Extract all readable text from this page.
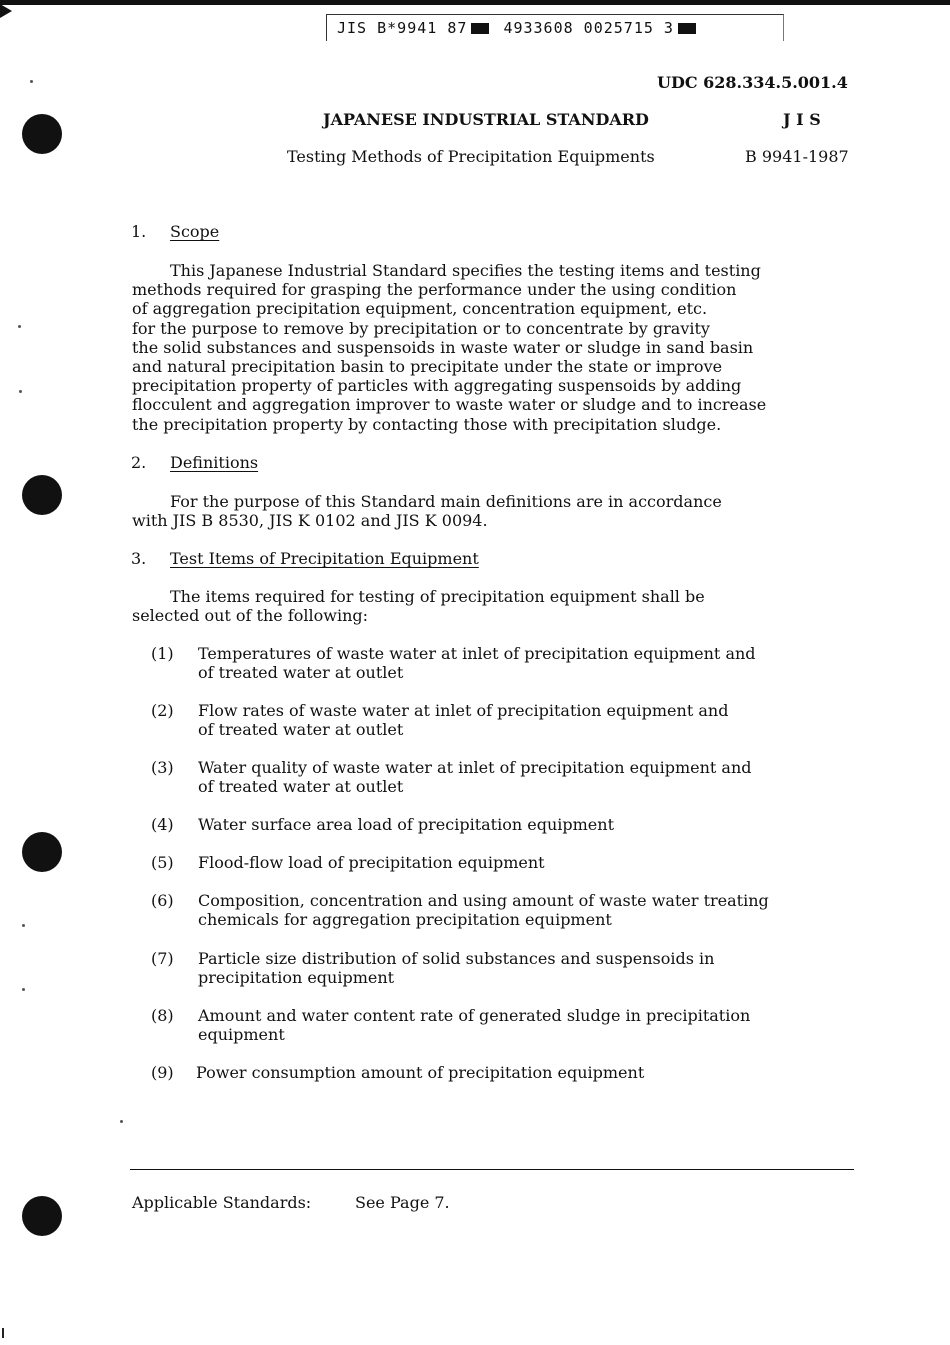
JIS B*9941 87 4933608 0025715 3
UDC 628.334.5.001.4
JAPANESE INDUSTRIAL STANDARD	J I S
Testing Methods of Precipitation Equipments	B 9941-1987
1. Scope
This Japanese Industrial Standard specifies the testing items and testing
methods required for grasping the performance under the using condition
of aggregation precipitation equipment, concentration equipment, etc.
for the purpose to remove by precipitation or to concentrate by gravity
the solid substances and suspensoids in waste water or sludge in sand basin
and natural precipitation basin to precipitate under the state or improve
precipitation property of particles with aggregating suspensoids by adding
flocculent and aggregation improver to waste water or sludge and to increase
the precipitation property by contacting those with precipitation sludge.
2. Definitions
For the purpose of this Standard main definitions are in accordance
with JIS B 8530, JIS K 0102 and JIS K 0094.
3. Test Items of Precipitation Equipment
The items required for testing of precipitation equipment shall be
selected out of the following:
(1) Temperatures of waste water at inlet of precipitation equipment and
of treated water at outlet
(2) Flow rates of waste water at inlet of precipitation equipment and
of treated water at outlet
(3) Water quality of waste water at inlet of precipitation equipment and
of treated water at outlet
(4) Water surface area load of precipitation equipment
(5) Flood-flow load of precipitation equipment
(6) Composition, concentration and using amount of waste water treating
chemicals for aggregation precipitation equipment
(7) Particle size distribution of solid substances and suspensoids in
precipitation equipment
(8) Amount and water content rate of generated sludge in precipitation
equipment
(9) Power consumption amount of precipitation equipment
Applicable Standards:	See Page 7.
